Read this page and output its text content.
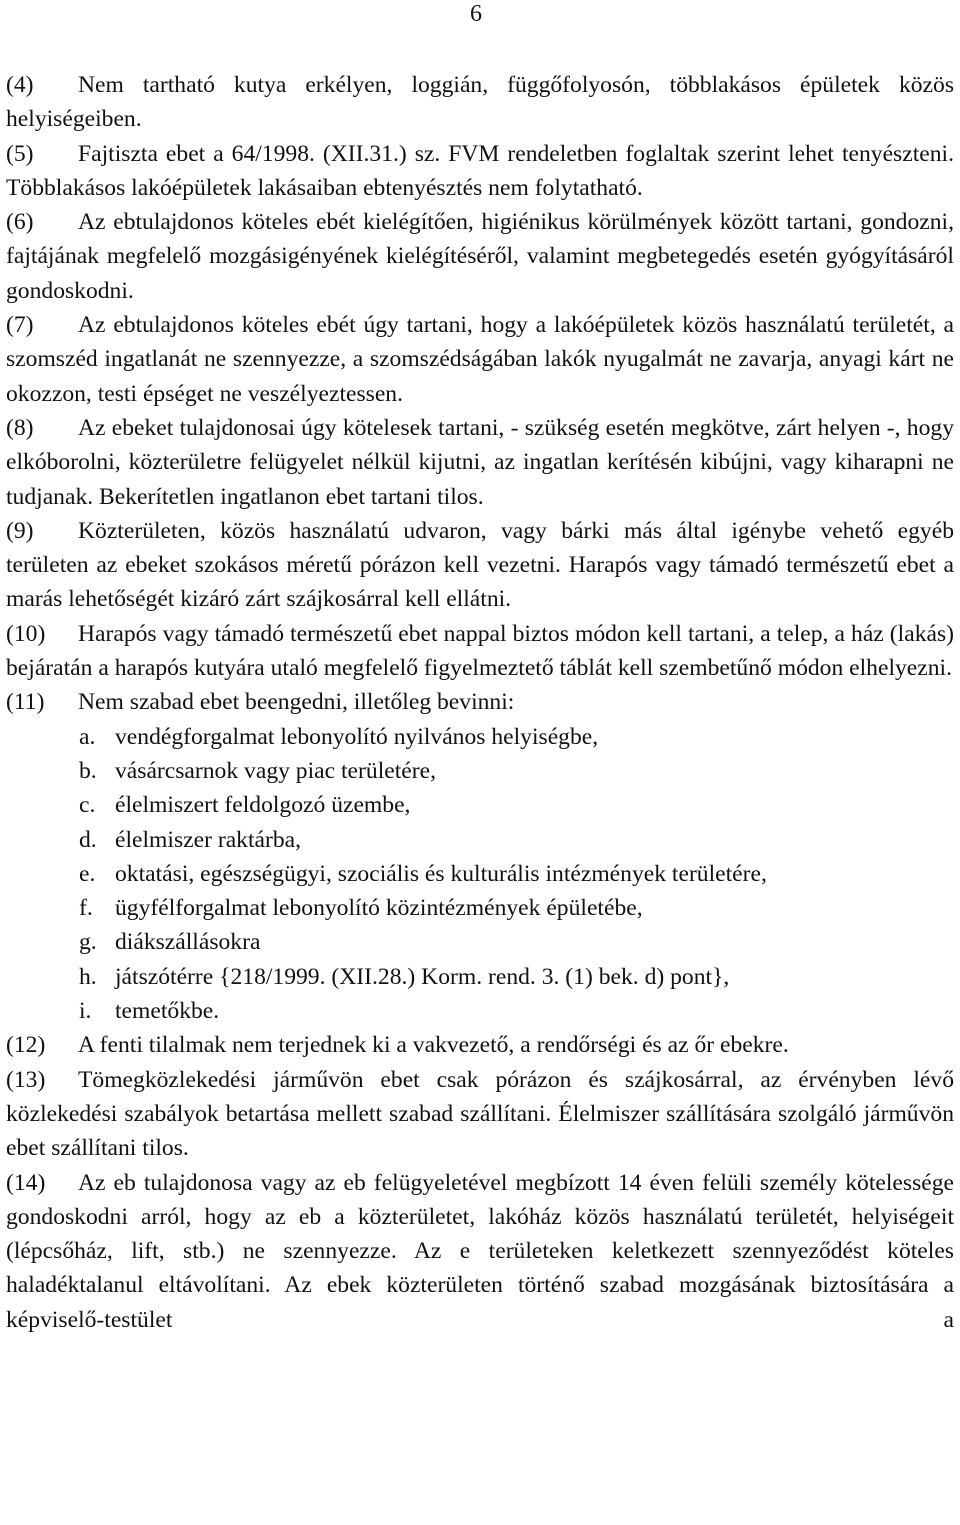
6

(4) Nem tartható kutya erkélyen, loggián, függőfolyosón, többlakásos épületek közös helyiségeiben.

(5) Fajtiszta ebet a 64/1998. (XII.31.) sz. FVM rendeletben foglaltak szerint lehet tenyészteni. Többlakásos lakóépületek lakásaiban ebtenyésztés nem folytatható.

(6) Az ebtulajdonos köteles ebét kielégítően, higiénikus körülmények között tartani, gondozni, fajtájának megfelelő mozgásigényének kielégítéséről, valamint megbetegedés esetén gyógyításáról gondoskodni.

(7) Az ebtulajdonos köteles ebét úgy tartani, hogy a lakóépületek közös használatú területét, a szomszéd ingatlanát ne szennyezze, a szomszédságában lakók nyugalmát ne zavarja, anyagi kárt ne okozzon, testi épséget ne veszélyeztessen.

(8) Az ebeket tulajdonosai úgy kötelesek tartani, - szükség esetén megkötve, zárt helyen -, hogy elkóborolni, közterületre felügyelet nélkül kijutni, az ingatlan kerítésén kibújni, vagy kiharapni ne tudjanak. Bekerítetlen ingatlanon ebet tartani tilos.

(9) Közterületen, közös használatú udvaron, vagy bárki más által igénybe vehető egyéb területen az ebeket szokásos méretű pórázon kell vezetni. Harapós vagy támadó természetű ebet a marás lehetőségét kizáró zárt szájkosárral kell ellátni.

(10) Harapós vagy támadó természetű ebet nappal biztos módon kell tartani, a telep, a ház (lakás) bejáratán a harapós kutyára utaló megfelelő figyelmeztető táblát kell szembetűnő módon elhelyezni.

(11) Nem szabad ebet beengedni, illetőleg bevinni:

a. vendégforgalmat lebonyolító nyilvános helyiségbe,
b. vásárcsarnok vagy piac területére,
c. élelmiszert feldolgozó üzembe,
d. élelmiszer raktárba,
e. oktatási, egészségügyi, szociális és kulturális intézmények területére,
f. ügyfélforgalmat lebonyolító közintézmények épületébe,
g. diákszállásokra
h. játszótérre {218/1999. (XII.28.) Korm. rend. 3. (1) bek. d) pont},
i. temetőkbe.

(12) A fenti tilalmak nem terjednek ki a vakvezető, a rendőrségi és az őr ebekre.

(13) Tömegközlekedési járművön ebet csak pórázon és szájkosárral, az érvényben lévő közlekedési szabályok betartása mellett szabad szállítani. Élelmiszer szállítására szolgáló járművön ebet szállítani tilos.

(14) Az eb tulajdonosa vagy az eb felügyeletével megbízott 14 éven felüli személy kötelessége gondoskodni arról, hogy az eb a közterületet, lakóház közös használatú területét, helyiségeit (lépcsőház, lift, stb.) ne szennyezze. Az e területeken keletkezett szennyeződést köteles haladéktalanul eltávolítani. Az ebek közterületen történő szabad mozgásának biztosítására a képviselő-testület a
